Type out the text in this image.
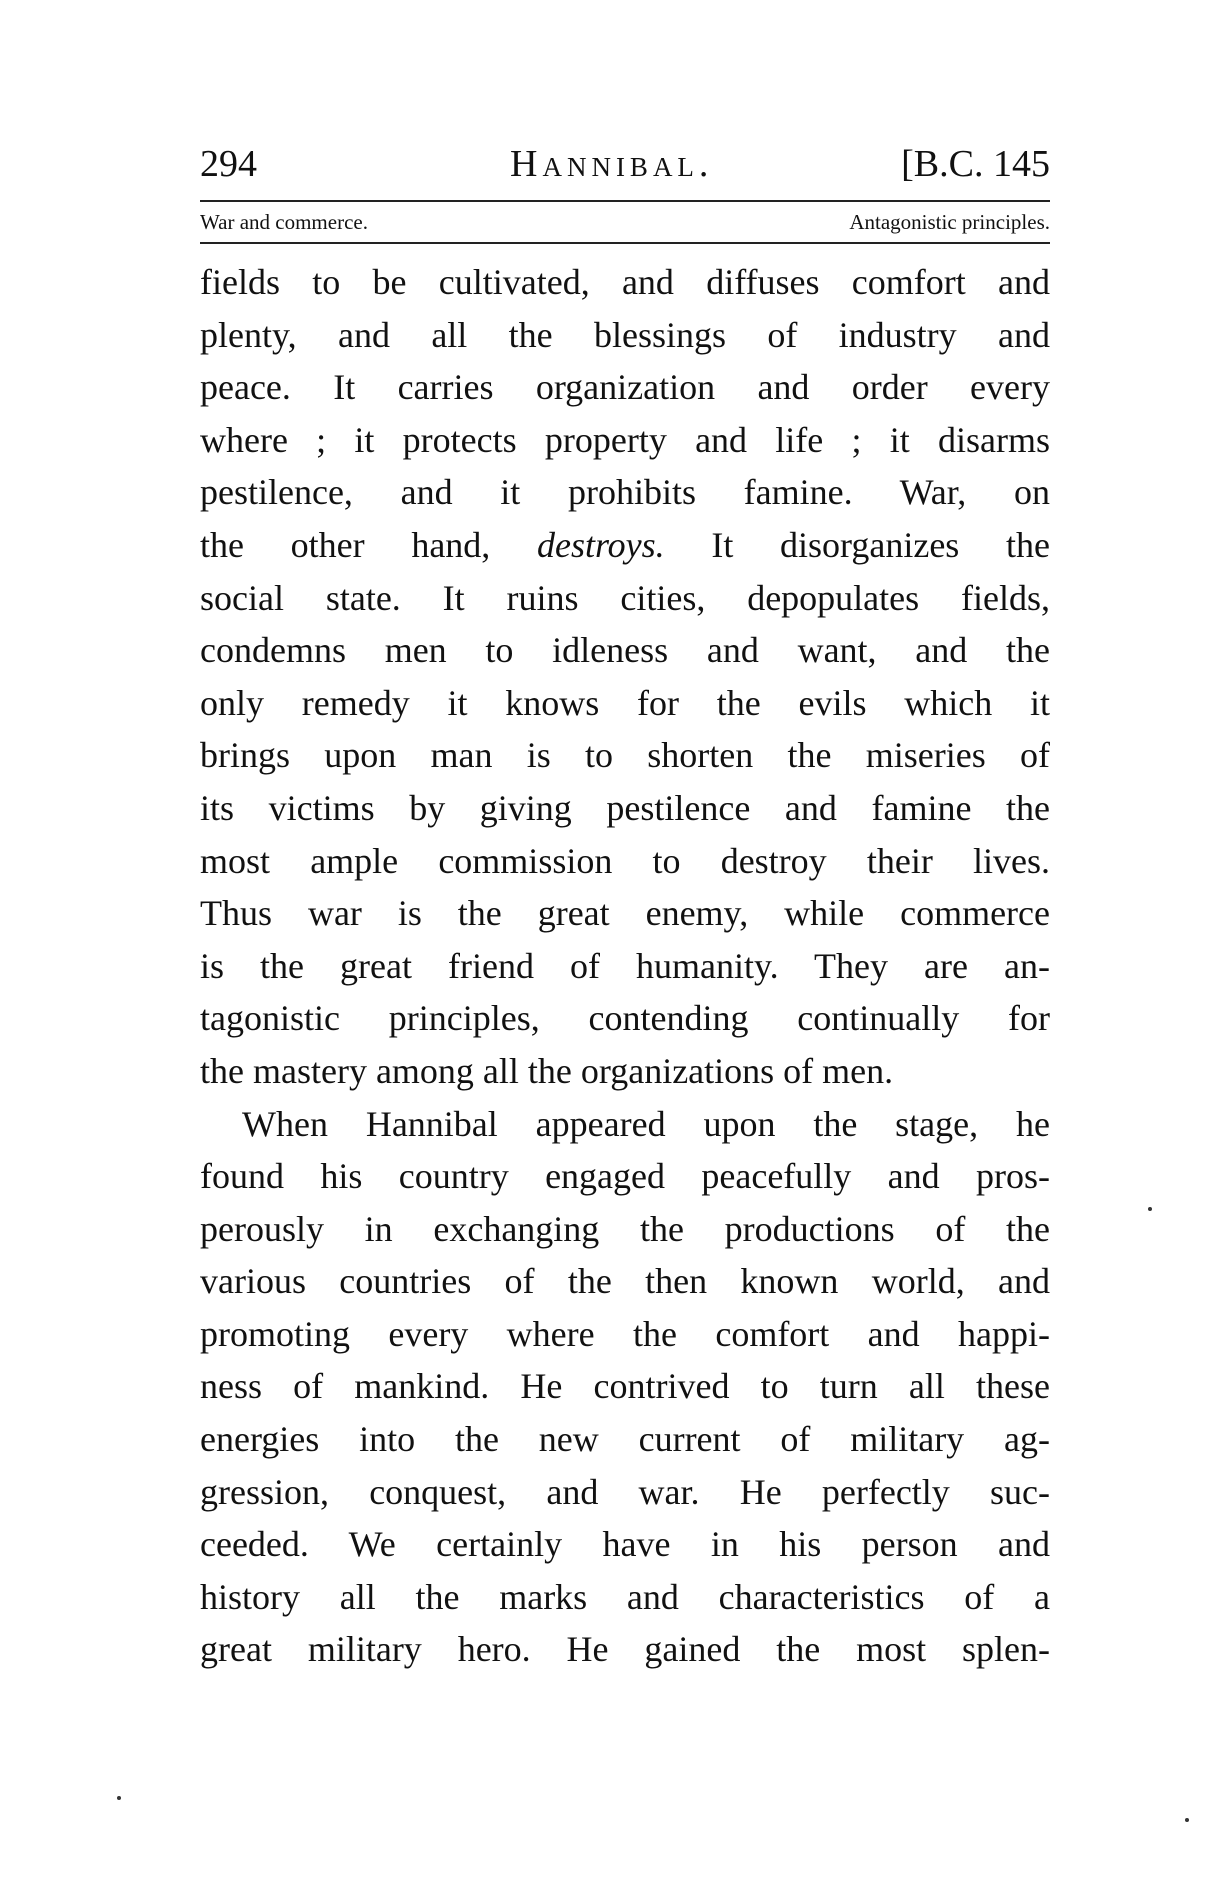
294	Hannibal.	[B.C. 145
War and commerce.	Antagonistic principles.
fields to be cultivated, and diffuses comfort and
plenty, and all the blessings of industry and
peace. It carries organization and order every
where ; it protects property and life ; it disarms
pestilence, and it prohibits famine. War, on
the other hand, destroys. It disorganizes the
social state. It ruins cities, depopulates fields,
condemns men to idleness and want, and the
only remedy it knows for the evils which it
brings upon man is to shorten the miseries of
its victims by giving pestilence and famine the
most ample commission to destroy their lives.
Thus war is the great enemy, while commerce
is the great friend of humanity. They are an-
tagonistic principles, contending continually for
the mastery among all the organizations of men.
When Hannibal appeared upon the stage, he
found his country engaged peacefully and pros-
perously in exchanging the productions of the
various countries of the then known world, and
promoting every where the comfort and happi-
ness of mankind. He contrived to turn all these
energies into the new current of military ag-
gression, conquest, and war. He perfectly suc-
ceeded. We certainly have in his person and
history all the marks and characteristics of a
great military hero. He gained the most splen-
